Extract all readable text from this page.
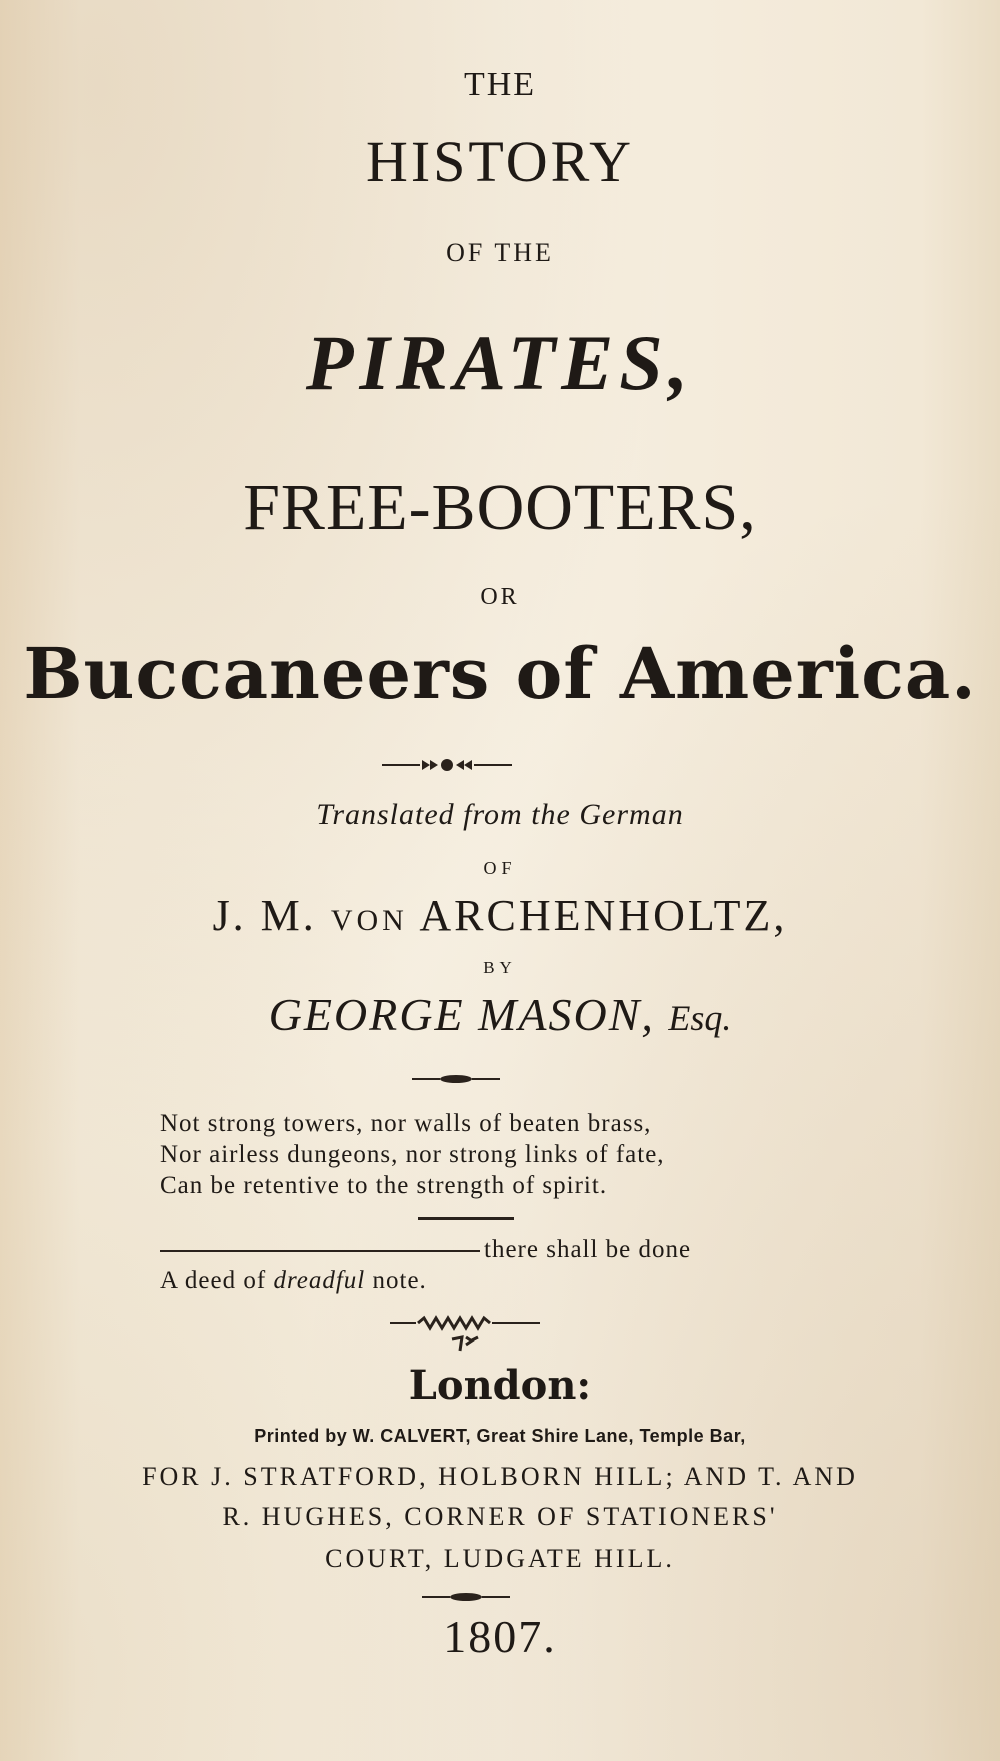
THE

HISTORY

OF THE

PIRATES,

FREE-BOOTERS,

OR

Buccaneers of America.

Translated from the German

OF

J. M. VON ARCHENHOLTZ,

BY

GEORGE MASON, Esq.

Not strong towers, nor walls of beaten brass,

Nor airless dungeons, nor strong links of fate,

Can be retentive to the strength of spirit.

there shall be done

A deed of dreadful note.

London:

Printed by W. CALVERT, Great Shire Lane, Temple Bar,

FOR J. STRATFORD, HOLBORN HILL; AND T. AND

R. HUGHES, CORNER OF STATIONERS'

COURT, LUDGATE HILL.

1807.
